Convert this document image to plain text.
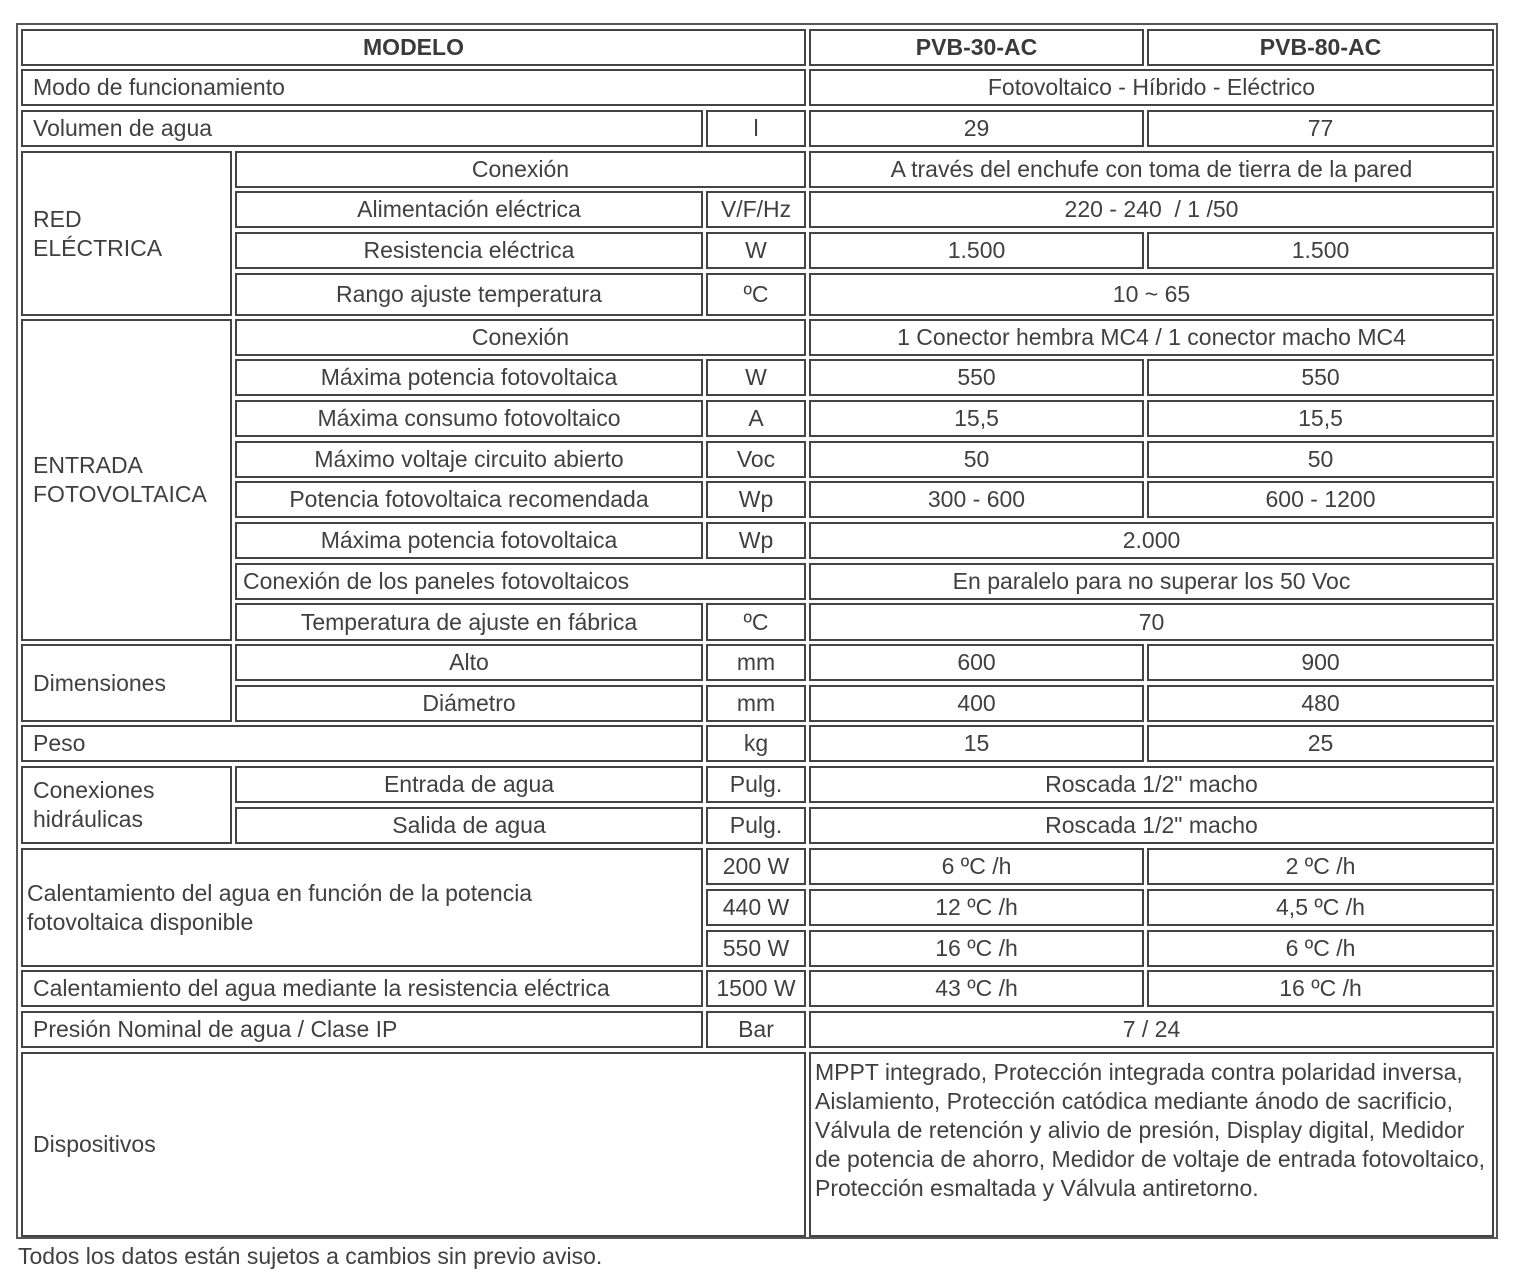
MODELO	PVB-30-AC	PVB-80-AC
Modo de funcionamiento	Fotovoltaico - Híbrido - Eléctrico
Volumen de agua	l	29	77
RED
ELÉCTRICA
Conexión	A través del enchufe con toma de tierra de la pared
Alimentación eléctrica	V/F/Hz	220 - 240  / 1 /50
Resistencia eléctrica	W	1.500	1.500
Rango ajuste temperatura	ºC	10 ~ 65
ENTRADA
FOTOVOLTAICA
Conexión	1 Conector hembra MC4 / 1 conector macho MC4
Máxima potencia fotovoltaica	W	550	550
Máxima consumo fotovoltaico	A	15,5	15,5
Máximo voltaje circuito abierto	Voc	50	50
Potencia fotovoltaica recomendada	Wp	300 - 600	600 - 1200
Máxima potencia fotovoltaica	Wp	2.000
Conexión de los paneles fotovoltaicos	En paralelo para no superar los 50 Voc
Temperatura de ajuste en fábrica	ºC	70
Dimensiones
Alto	mm	600	900
Diámetro	mm	400	480
Peso	kg	15	25
Conexiones
hidráulicas
Entrada de agua	Pulg.	Roscada 1/2" macho
Salida de agua	Pulg.	Roscada 1/2" macho
Calentamiento del agua en función de la potencia fotovoltaica disponible
200 W	6 ºC /h	2 ºC /h
440 W	12 ºC /h	4,5 ºC /h
550 W	16 ºC /h	6 ºC /h
Calentamiento del agua mediante la resistencia eléctrica	1500 W	43 ºC /h	16 ºC /h
Presión Nominal de agua / Clase IP	Bar	7 / 24
Dispositivos
MPPT integrado, Protección integrada contra polaridad inversa, Aislamiento, Protección catódica mediante ánodo de sacrificio, Válvula de retención y alivio de presión, Display digital, Medidor de potencia de ahorro, Medidor de voltaje de entrada fotovoltaico, Protección esmaltada y Válvula antiretorno.
Todos los datos están sujetos a cambios sin previo aviso.
